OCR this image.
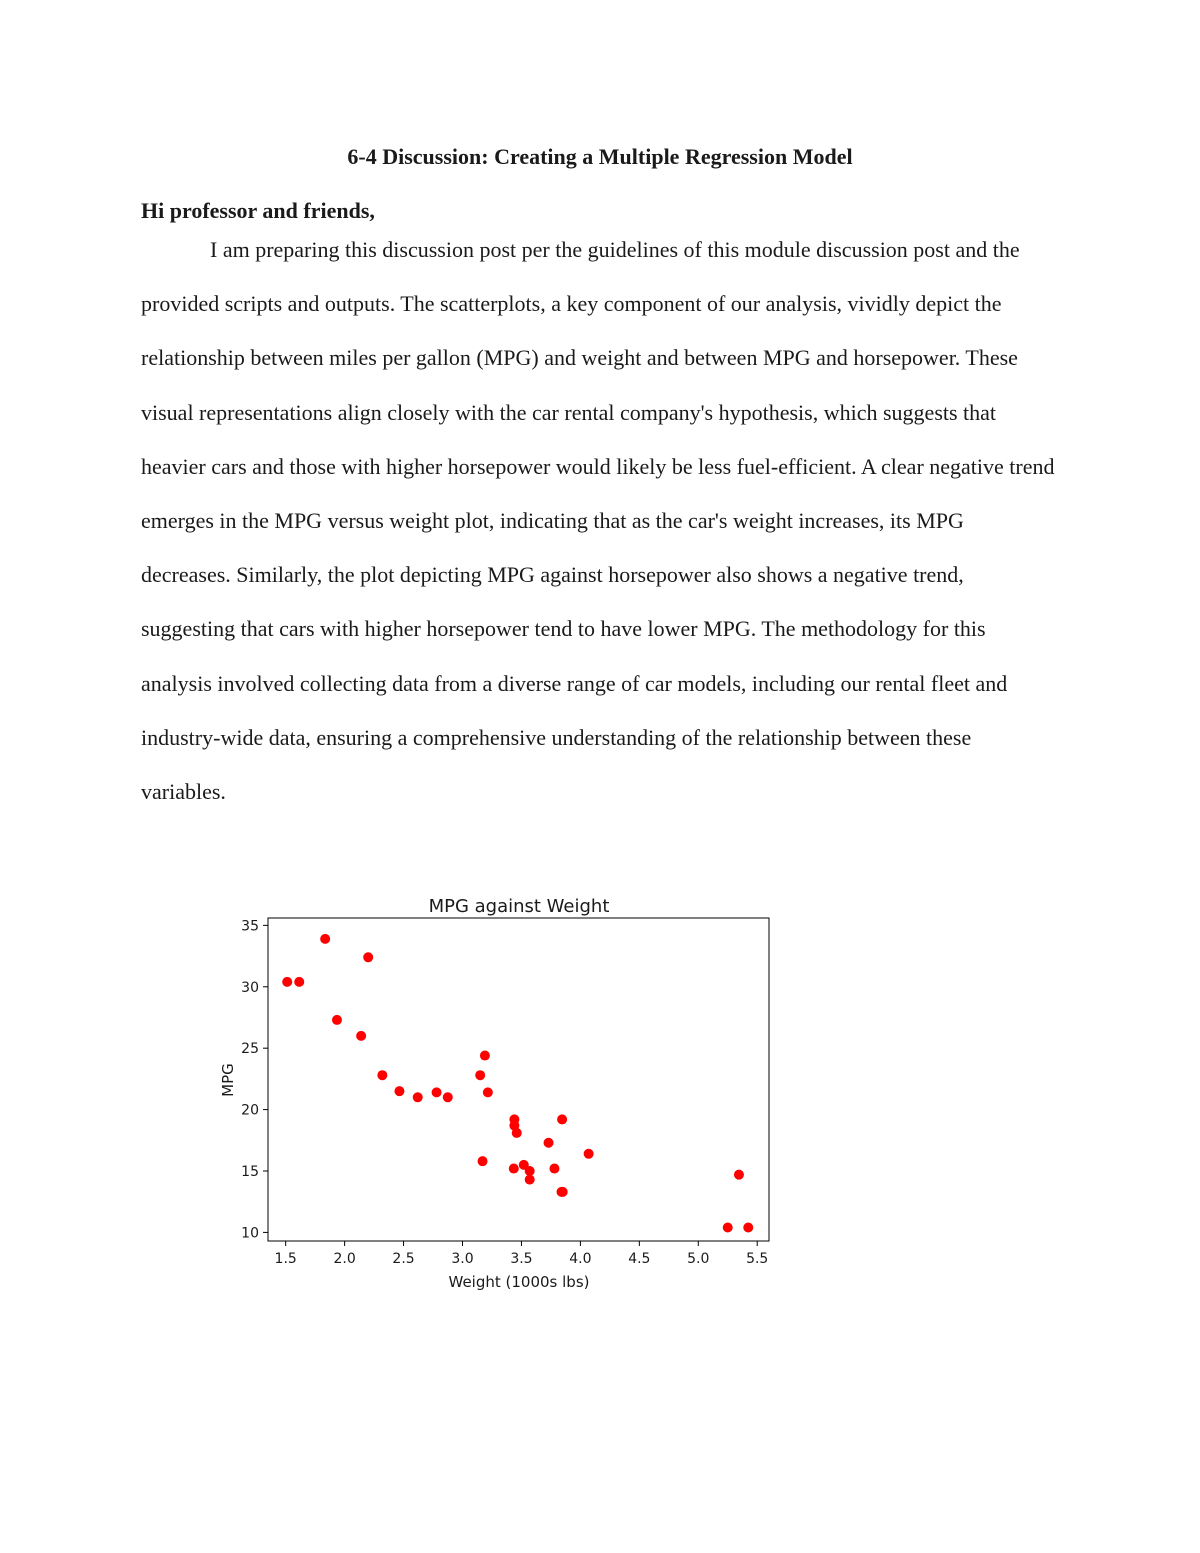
6-4 Discussion: Creating a Multiple Regression Model

Hi professor and friends,

I am preparing this discussion post per the guidelines of this module discussion post and the provided scripts and outputs. The scatterplots, a key component of our analysis, vividly depict the relationship between miles per gallon (MPG) and weight and between MPG and horsepower. These visual representations align closely with the car rental company's hypothesis, which suggests that heavier cars and those with higher horsepower would likely be less fuel-efficient. A clear negative trend emerges in the MPG versus weight plot, indicating that as the car's weight increases, its MPG decreases. Similarly, the plot depicting MPG against horsepower also shows a negative trend, suggesting that cars with higher horsepower tend to have lower MPG. The methodology for this analysis involved collecting data from a diverse range of car models, including our rental fleet and industry-wide data, ensuring a comprehensive understanding of the relationship between these variables.

MPG against Weight
1.5	2.0	2.5	3.0	3.5	4.0	4.5	5.0	5.5
10
15
20
25
30
35
Weight (1000s lbs)
MPG
